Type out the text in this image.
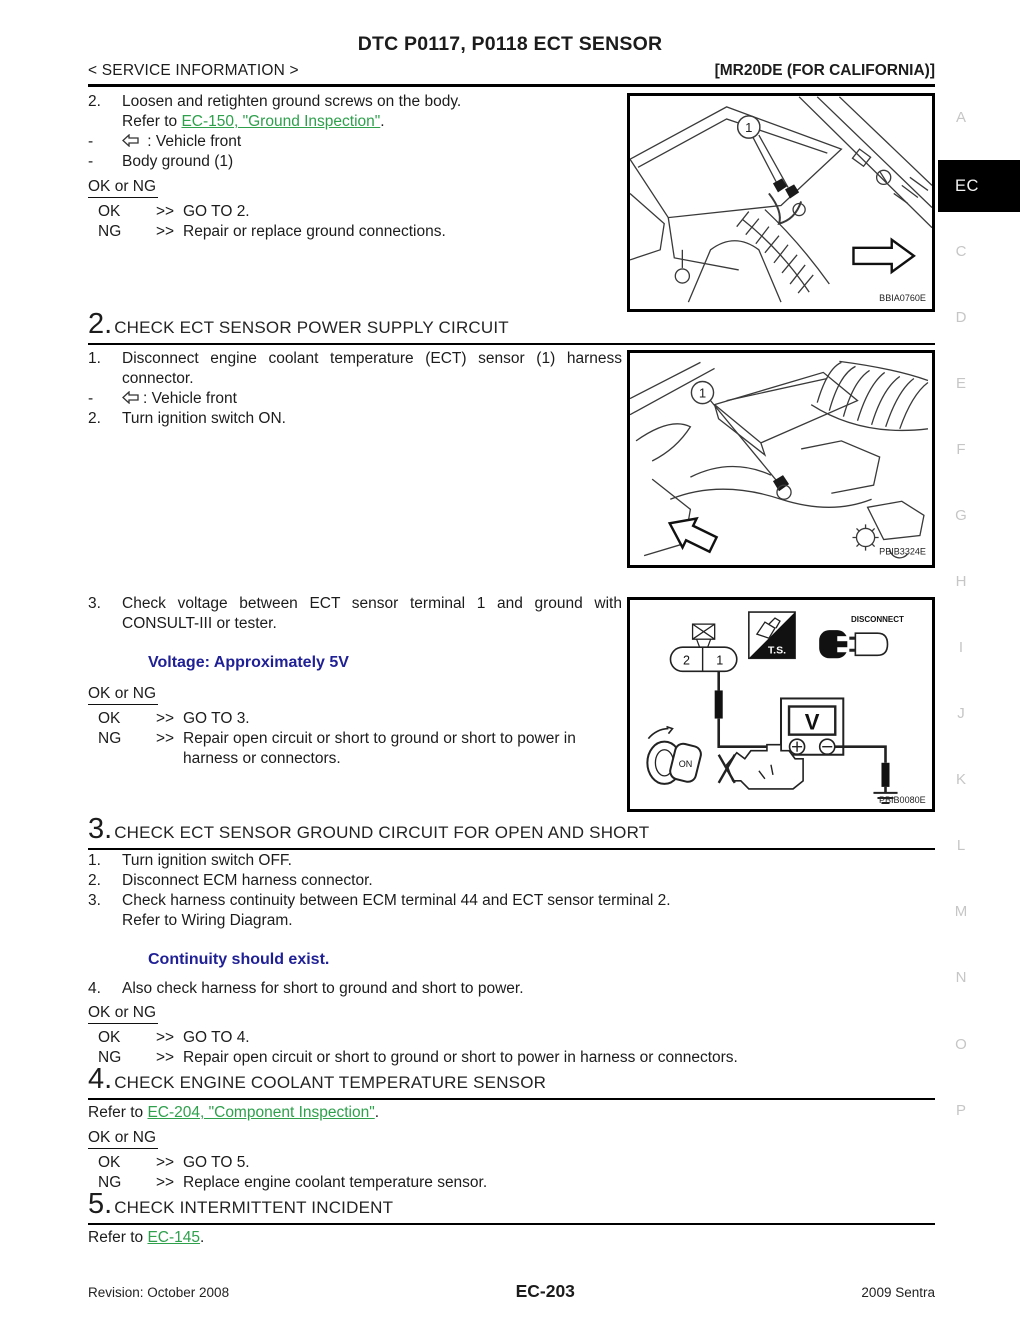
DTC P0117, P0118 ECT SENSOR
< SERVICE INFORMATION >	[MR20DE (FOR CALIFORNIA)]
2.	Loosen and retighten ground screws on the body.
Refer to EC-150, "Ground Inspection".
-	: Vehicle front
-	Body ground (1)
OK or NG
OK	>> GO TO 2.
NG	>> Repair or replace ground connections.
1
BBIA0760E
2. CHECK ECT SENSOR POWER SUPPLY CIRCUIT
1.	Disconnect engine coolant temperature (ECT) sensor (1) harness connector.
-	: Vehicle front
2.	Turn ignition switch ON.
1
PBIB3324E
3.	Check voltage between ECT sensor terminal 1 and ground with CONSULT-III or tester.
Voltage: Approximately 5V
OK or NG
OK	>> GO TO 3.
NG	>> Repair open circuit or short to ground or short to power in harness or connectors.
T.S.
DISCONNECT
2 1
V
ON
PBIB0080E
3. CHECK ECT SENSOR GROUND CIRCUIT FOR OPEN AND SHORT
1.	Turn ignition switch OFF.
2.	Disconnect ECM harness connector.
3.	Check harness continuity between ECM terminal 44 and ECT sensor terminal 2.
Refer to Wiring Diagram.
Continuity should exist.
4.	Also check harness for short to ground and short to power.
OK or NG
OK	>> GO TO 4.
NG	>> Repair open circuit or short to ground or short to power in harness or connectors.
4. CHECK ENGINE COOLANT TEMPERATURE SENSOR
Refer to EC-204, "Component Inspection".
OK or NG
OK	>> GO TO 5.
NG	>> Replace engine coolant temperature sensor.
5. CHECK INTERMITTENT INCIDENT
Refer to EC-145.
EC
A
C
D
E
F
G
H
I
J
K
L
M
N
O
P
Revision: October 2008	EC-203	2009 Sentra
